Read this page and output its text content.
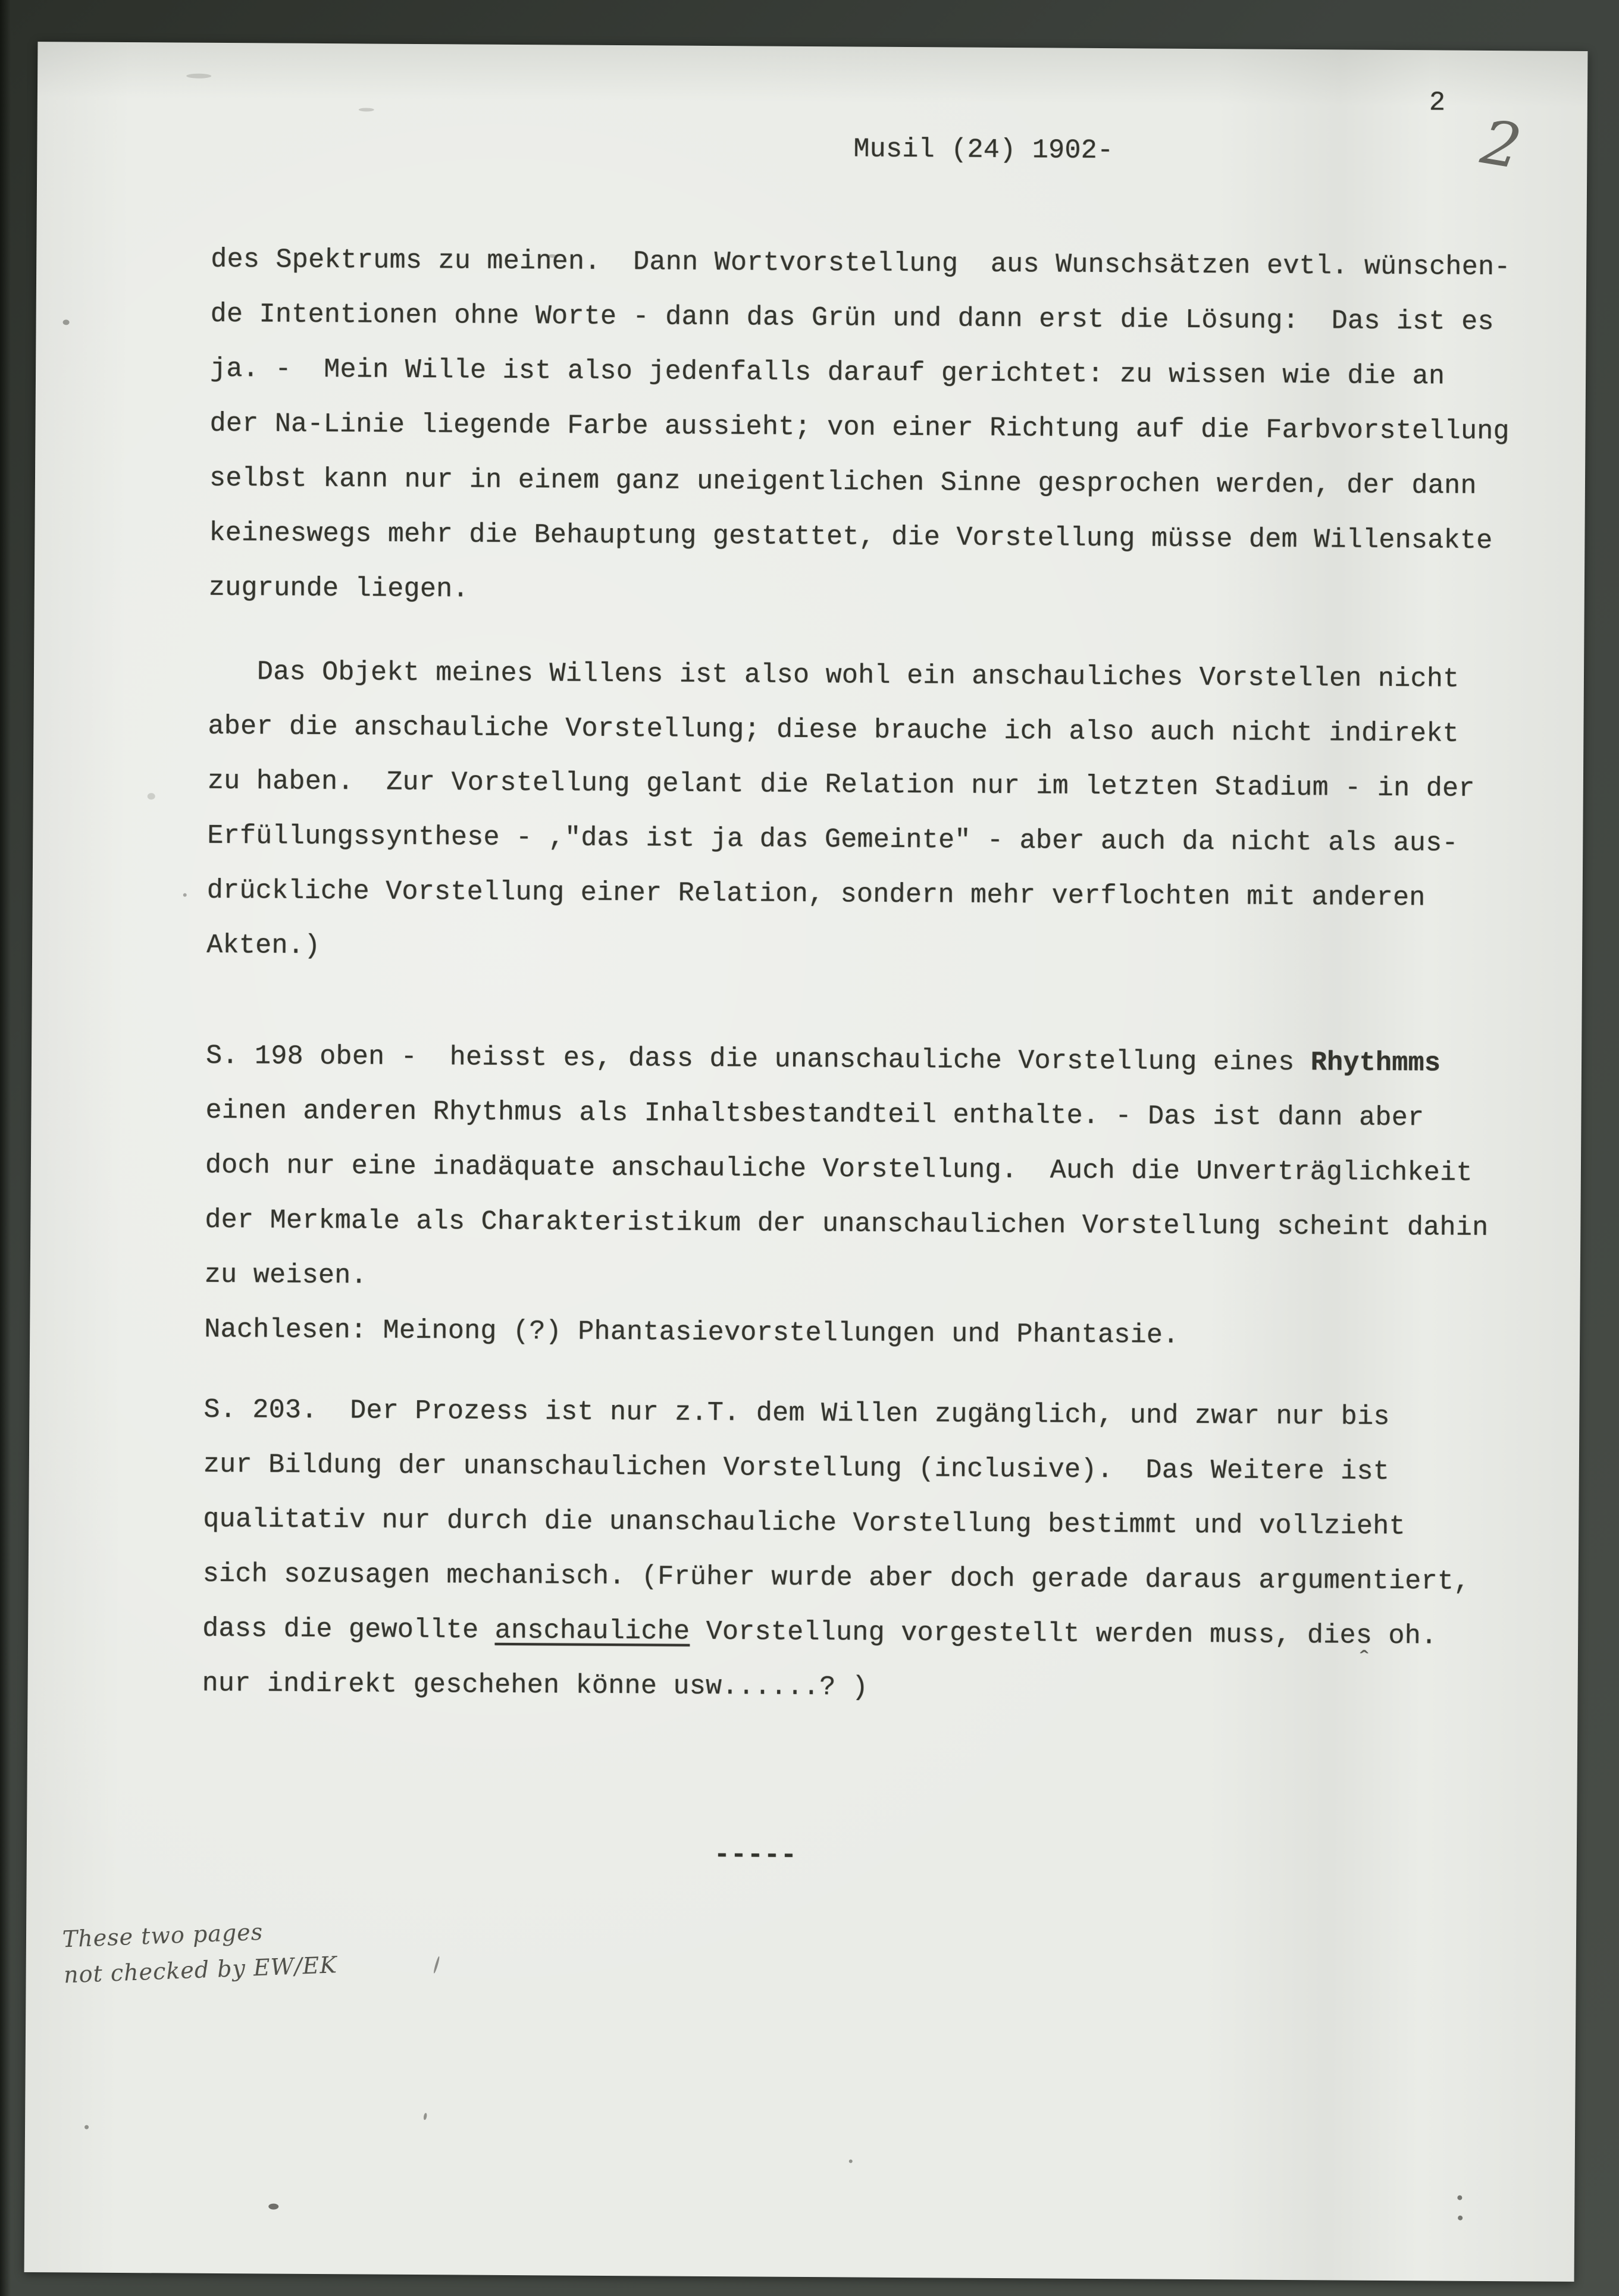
2
2
Musil (24) 1902-
des Spektrums zu meinen.  Dann Wortvorstellung  aus Wunschsätzen evtl. wünschen-
de Intentionen ohne Worte - dann das Grün und dann erst die Lösung:  Das ist es
ja. -  Mein Wille ist also jedenfalls darauf gerichtet: zu wissen wie die an
der Na-Linie liegende Farbe aussieht; von einer Richtung auf die Farbvorstellung
selbst kann nur in einem ganz uneigentlichen Sinne gesprochen werden, der dann
keineswegs mehr die Behauptung gestattet, die Vorstellung müsse dem Willensakte
zugrunde liegen.
Das Objekt meines Willens ist also wohl ein anschauliches Vorstellen nicht
aber die anschauliche Vorstellung; diese brauche ich also auch nicht indirekt
zu haben.  Zur Vorstellung gelant die Relation nur im letzten Stadium - in der
Erfüllungssynthese - ,"das ist ja das Gemeinte" - aber auch da nicht als aus-
drückliche Vorstellung einer Relation, sondern mehr verflochten mit anderen
Akten.)
S. 198 oben -  heisst es, dass die unanschauliche Vorstellung eines Rhythmms
einen anderen Rhythmus als Inhaltsbestandteil enthalte. - Das ist dann aber
doch nur eine inadäquate anschauliche Vorstellung.  Auch die Unverträglichkeit
der Merkmale als Charakteristikum der unanschaulichen Vorstellung scheint dahin
zu weisen.
Nachlesen: Meinong (?) Phantasievorstellungen und Phantasie.
S. 203.  Der Prozess ist nur z.T. dem Willen zugänglich, und zwar nur bis
zur Bildung der unanschaulichen Vorstellung (inclusive).  Das Weitere ist
qualitativ nur durch die unanschauliche Vorstellung bestimmt und vollzieht
sich sozusagen mechanisch. (Früher wurde aber doch gerade daraus argumentiert,
dass die gewollte anschauliche Vorstellung vorgestellt werden muss, dies oh.
nur indirekt geschehen könne usw......? )
-----
ˆ
These two pages
not checked by EW/EK
